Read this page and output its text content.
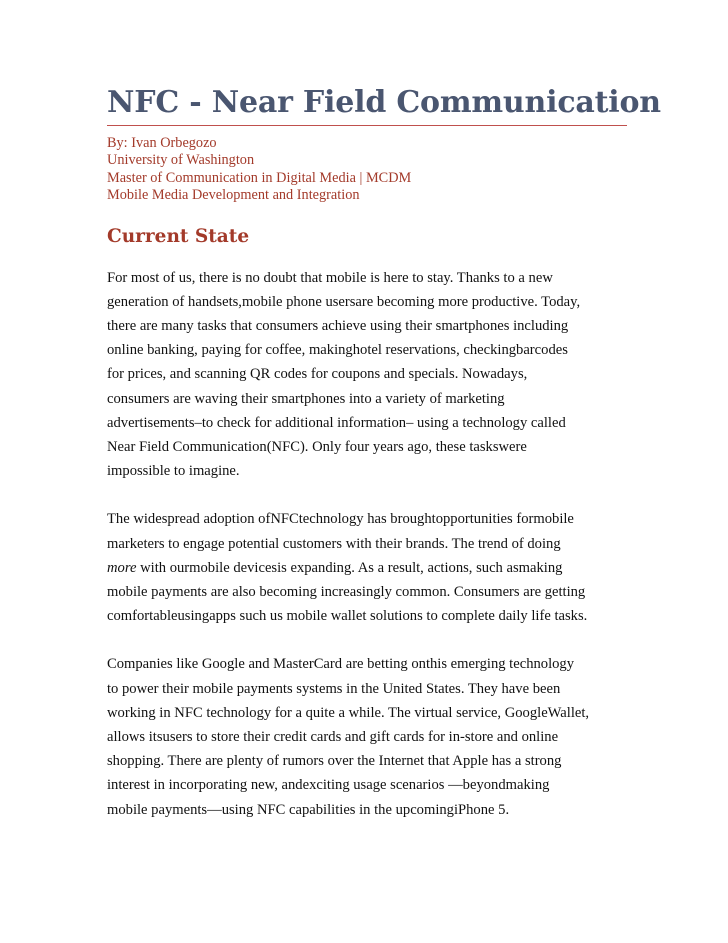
NFC - Near Field Communication
By: Ivan Orbegozo
University of Washington
Master of Communication in Digital Media | MCDM
Mobile Media Development and Integration
Current State

For most of us, there is no doubt that mobile is here to stay. Thanks to a new
generation of handsets,mobile phone usersare becoming more productive. Today,
there are many tasks that consumers achieve using their smartphones including
online banking, paying for coffee, makinghotel reservations, checkingbarcodes
for prices, and scanning QR codes for coupons and specials. Nowadays,
consumers are waving their smartphones into a variety of marketing
advertisements–to check for additional information– using a technology called
Near Field Communication(NFC). Only four years ago, these taskswere
impossible to imagine.

The widespread adoption ofNFCtechnology has broughtopportunities formobile
marketers to engage potential customers with their brands. The trend of doing
more with ourmobile devicesis expanding. As a result, actions, such asmaking
mobile payments are also becoming increasingly common. Consumers are getting
comfortableusingapps such us mobile wallet solutions to complete daily life tasks.

Companies like Google and MasterCard are betting onthis emerging technology
to power their mobile payments systems in the United States. They have been
working in NFC technology for a quite a while. The virtual service, GoogleWallet,
allows itsusers to store their credit cards and gift cards for in-store and online
shopping. There are plenty of rumors over the Internet that Apple has a strong
interest in incorporating new, andexciting usage scenarios —beyondmaking
mobile payments—using NFC capabilities in the upcomingiPhone 5.
